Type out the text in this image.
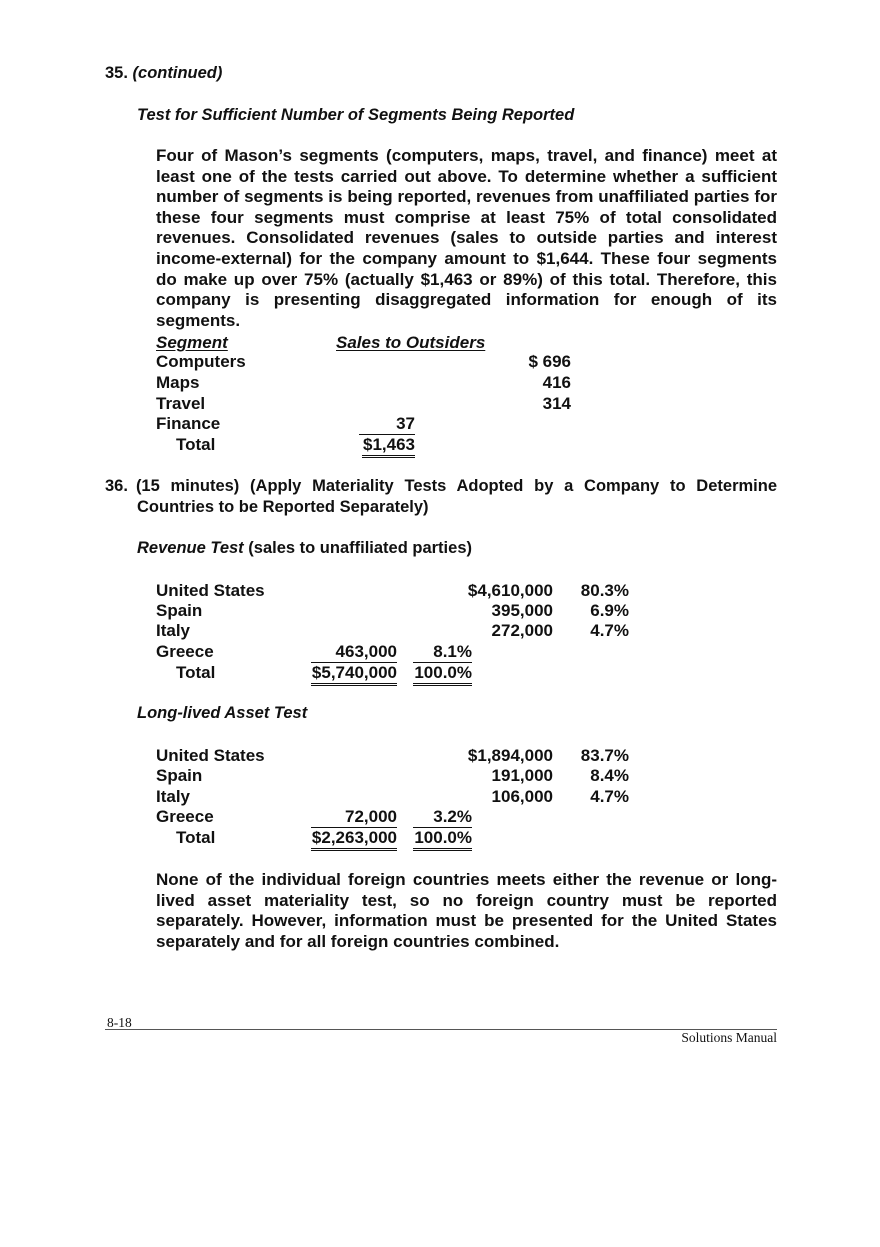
35. (continued)
Test for Sufficient Number of Segments Being Reported
Four of Mason’s segments (computers, maps, travel, and finance) meet at least one of the tests carried out above. To determine whether a sufficient number of segments is being reported, revenues from unaffiliated parties for these four segments must comprise at least 75% of total consolidated revenues. Consolidated revenues (sales to outside parties and interest income-external) for the company amount to $1,644. These four segments do make up over 75% (actually $1,463 or 89%) of this total. Therefore, this company is presenting disaggregated information for enough of its segments.
Segment	Sales to Outsiders
Computers	$ 696
Maps	416
Travel	314
Finance	37
Total	$1,463
36. (15 minutes) (Apply Materiality Tests Adopted by a Company to Determine
Countries to be Reported Separately)
Revenue Test (sales to unaffiliated parties)
United States	$4,610,000	80.3%
Spain	395,000	6.9%
Italy	272,000	4.7%
Greece	463,000	8.1%
Total	$5,740,000 100.0%
Long-lived Asset Test
United States	$1,894,000	83.7%
Spain	191,000	8.4%
Italy	106,000	4.7%
Greece	72,000	3.2%
Total	$2,263,000 100.0%
None of the individual foreign countries meets either the revenue or long-lived asset materiality test, so no foreign country must be reported separately. However, information must be presented for the United States separately and for all foreign countries combined.
8-18
Solutions Manual
